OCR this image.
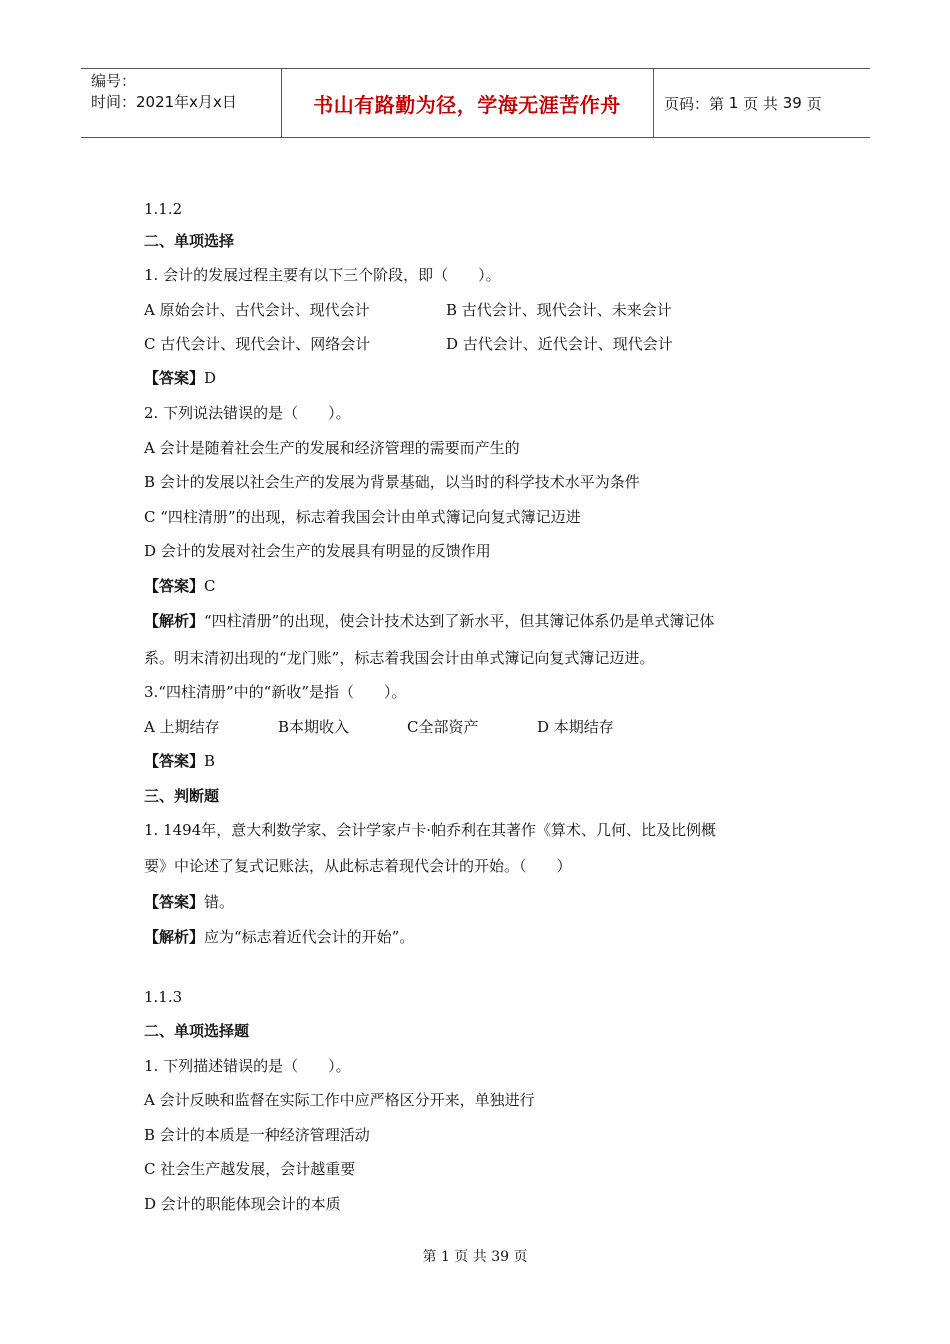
编号：
时间：2021年x月x日	书山有路勤为径，学海无涯苦作舟	页码：第
1
页 共
39
页
1.1.2
二、单项选择
1. 会计的发展过程主要有以下三个阶段，即（　　）。
A 原始会计、古代会计、现代会计	B 古代会计、现代会计、未来会计
C 古代会计、现代会计、网络会计	D 古代会计、近代会计、现代会计
【答案】D
2. 下列说法错误的是（　　）。
A 会计是随着社会生产的发展和经济管理的需要而产生的
B 会计的发展以社会生产的发展为背景基础，以当时的科学技术水平为条件
C “四柱清册”的出现，标志着我国会计由单式簿记向复式簿记迈进
D 会计的发展对社会生产的发展具有明显的反馈作用
【答案】C
【解析】“四柱清册”的出现，使会计技术达到了新水平，但其簿记体系仍是单式簿记体
系。明末清初出现的“龙门账”，标志着我国会计由单式簿记向复式簿记迈进。
3.“四柱清册”中的“新收”是指（　　）。
A 上期结存	B本期收入	C全部资产	D 本期结存
【答案】B
三、判断题
1. 1494年，意大利数学家、会计学家卢卡·帕乔利在其著作《算术、几何、比及比例概
要》中论述了复式记账法，从此标志着现代会计的开始。（　　）
【答案】错。
【解析】应为“标志着近代会计的开始”。
1.1.3
二、单项选择题
1. 下列描述错误的是（　　）。
A 会计反映和监督在实际工作中应严格区分开来，单独进行
B 会计的本质是一种经济管理活动
C 社会生产越发展，会计越重要
D 会计的职能体现会计的本质
第 1 页 共 39 页
